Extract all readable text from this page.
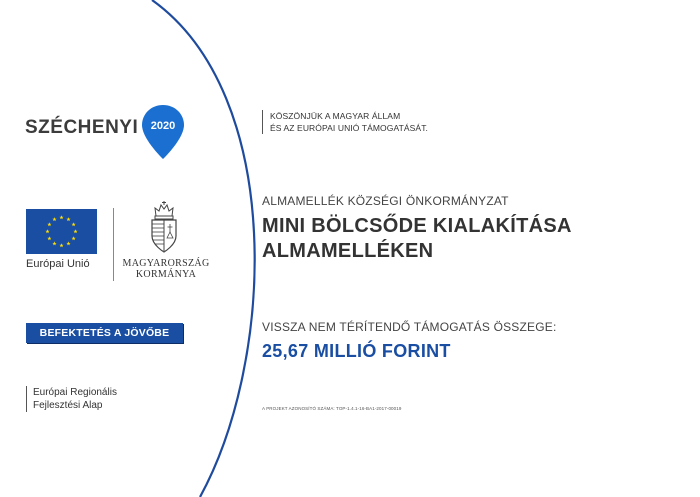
SZÉCHENYI 2020
KÖSZÖNJÜK A MAGYAR ÁLLAM
ÉS AZ EURÓPAI UNIÓ TÁMOGATÁSÁT.
Európai Unió	MAGYARORSZÁG
KORMÁNYA
BEFEKTETÉS A JÖVŐBE
Európai Regionális
Fejlesztési Alap
ALMAMELLÉK KÖZSÉGI ÖNKORMÁNYZAT
MINI BÖLCSŐDE KIALAKÍTÁSA
ALMAMELLÉKEN
VISSZA NEM TÉRÍTENDŐ TÁMOGATÁS ÖSSZEGE:
25,67 MILLIÓ FORINT
A PROJEKT AZONOSÍTÓ SZÁMA: TOP-1.4.1-16-BA1-2017-00019
